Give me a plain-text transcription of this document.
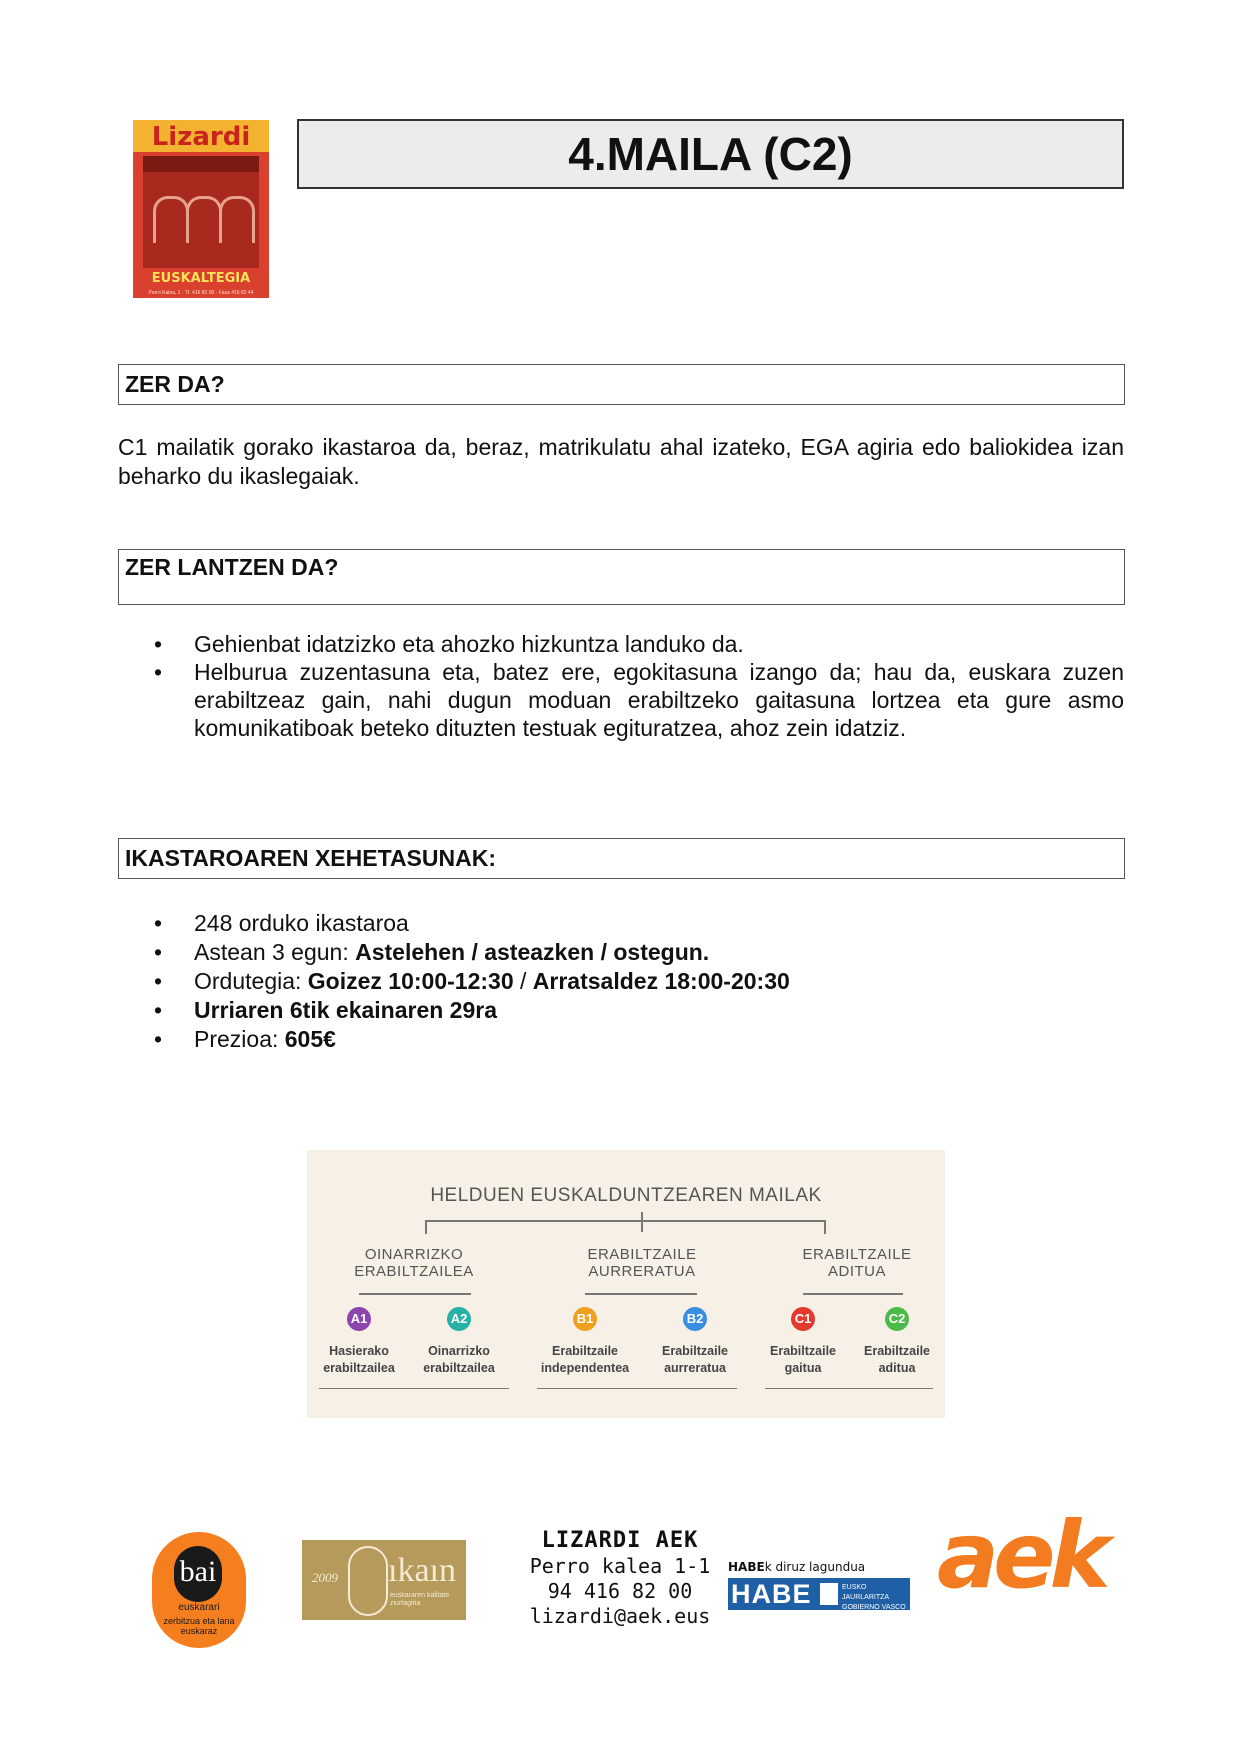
Lizardi
EUSKALTEGIA
Perro Kalea, 1 · Tf. 416 82 00 · Faxa 416 82 44
4.MAILA (C2)
ZER DA?
C1 mailatik gorako ikastaroa da, beraz, matrikulatu ahal izateko, EGA agiria edo baliokidea izan beharko du ikaslegaiak.
ZER LANTZEN DA?
• Gehienbat idatzizko eta ahozko hizkuntza landuko da.
• Helburua zuzentasuna eta, batez ere, egokitasuna izango da; hau da, euskara zuzen erabiltzeaz gain, nahi dugun moduan erabiltzeko gaitasuna lortzea eta gure asmo komunikatiboak beteko dituzten testuak egituratzea, ahoz zein idatziz.
IKASTAROAREN XEHETASUNAK:
• 248 orduko ikastaroa
• Astean 3 egun: Astelehen / asteazken / ostegun.
• Ordutegia: Goizez 10:00-12:30 / Arratsaldez 18:00-20:30
• Urriaren 6tik ekainaren 29ra
• Prezioa: 605€
HELDUEN EUSKALDUNTZEAREN MAILAK
OINARRIZKO
ERABILTZAILEA
A1	A2
Hasierako
erabiltzailea
Oinarrizko
erabiltzailea
ERABILTZAILE
AURRERATUA
B1	B2
Erabiltzaile
independentea
Erabiltzaile
aurreratua
ERABILTZAILE
ADITUA
C1	C2
Erabiltzaile
gaitua
Erabiltzaile
aditua
bai
euskarari
zerbitzua eta lana euskaraz
2009 ıkaın
euskararen kalitate ziurtagiria
LIZARDI AEK
Perro kalea 1-1
94 416 82 00
lizardi@aek.eus
HABEk diruz lagundua
HABE	EUSKO JAURLARITZA GOBIERNO VASCO aek
